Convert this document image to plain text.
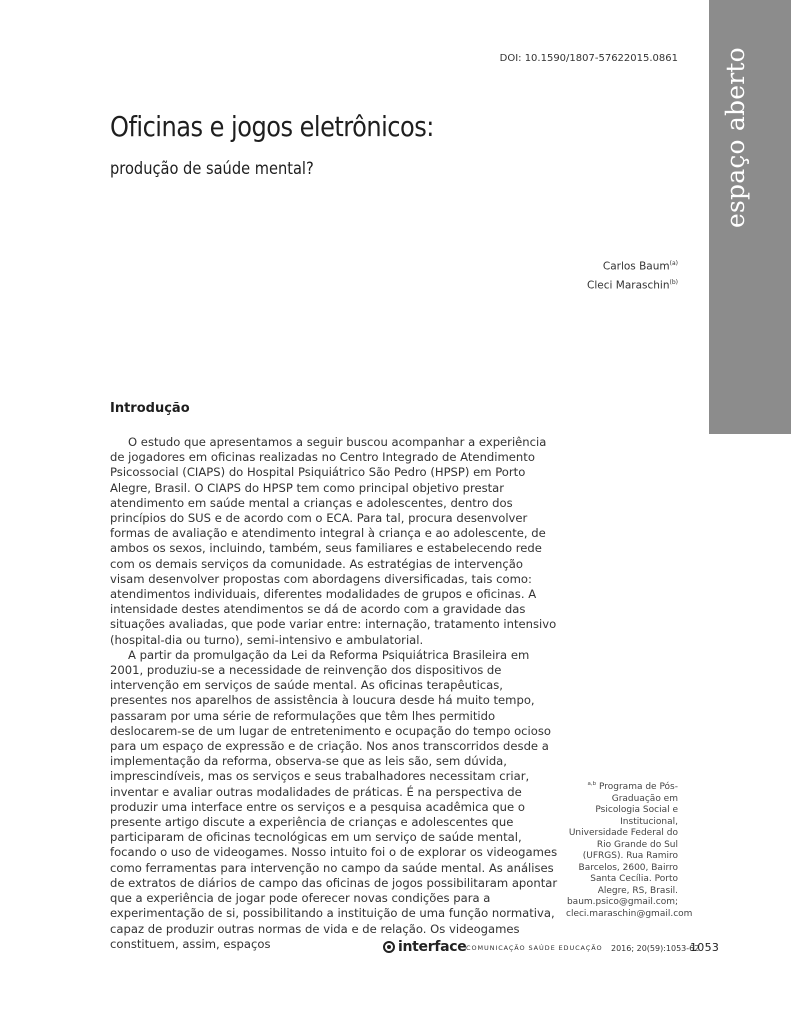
espaço aberto
DOI: 10.1590/1807-57622015.0861
Oficinas e jogos eletrônicos:
produção de saúde mental?
Carlos Baum$^{(a)}$
Cleci Maraschin$^{(b)}$
Introdução

O estudo que apresentamos a seguir buscou acompanhar a experiência de jogadores em oficinas realizadas no Centro Integrado de Atendimento Psicossocial (CIAPS) do Hospital Psiquiátrico São Pedro (HPSP) em Porto Alegre, Brasil. O CIAPS do HPSP tem como principal objetivo prestar atendimento em saúde mental a crianças e adolescentes, dentro dos princípios do SUS e de acordo com o ECA. Para tal, procura desenvolver formas de avaliação e atendimento integral à criança e ao adolescente, de ambos os sexos, incluindo, também, seus familiares e estabelecendo rede com os demais serviços da comunidade. As estratégias de intervenção visam desenvolver propostas com abordagens diversificadas, tais como: atendimentos individuais, diferentes modalidades de grupos e oficinas. A intensidade destes atendimentos se dá de acordo com a gravidade das situações avaliadas, que pode variar entre: internação, tratamento intensivo (hospital-dia ou turno), semi-intensivo e ambulatorial.

A partir da promulgação da Lei da Reforma Psiquiátrica Brasileira em 2001, produziu-se a necessidade de reinvenção dos dispositivos de intervenção em serviços de saúde mental. As oficinas terapêuticas, presentes nos aparelhos de assistência à loucura desde há muito tempo, passaram por uma série de reformulações que têm lhes permitido deslocarem-se de um lugar de entretenimento e ocupação do tempo ocioso para um espaço de expressão e de criação. Nos anos transcorridos desde a implementação da reforma, observa-se que as leis são, sem dúvida, imprescindíveis, mas os serviços e seus trabalhadores necessitam criar, inventar e avaliar outras modalidades de práticas. É na perspectiva de produzir uma interface entre os serviços e a pesquisa acadêmica que o presente artigo discute a experiência de crianças e adolescentes que participaram de oficinas tecnológicas em um serviço de saúde mental, focando o uso de videogames. Nosso intuito foi o de explorar os videogames como ferramentas para intervenção no campo da saúde mental. As análises de extratos de diários de campo das oficinas de jogos possibilitaram apontar que a experiência de jogar pode oferecer novas condições para a experimentação de si, possibilitando a instituição de uma função normativa, capaz de produzir outras normas de vida e de relação. Os videogames constituem, assim, espaços

$^{a,b}$ Programa de Pós-Graduação em Psicologia Social e Institucional, Universidade Federal do Rio Grande do Sul (UFRGS). Rua Ramiro Barcelos, 2600, Bairro Santa Cecília. Porto Alegre, RS, Brasil. baum.psico@gmail.com; cleci.maraschin@gmail.com
interface COMUNICAÇÃO SAÚDE EDUCAÇÃO 2016; 20(59):1053-62
1053
